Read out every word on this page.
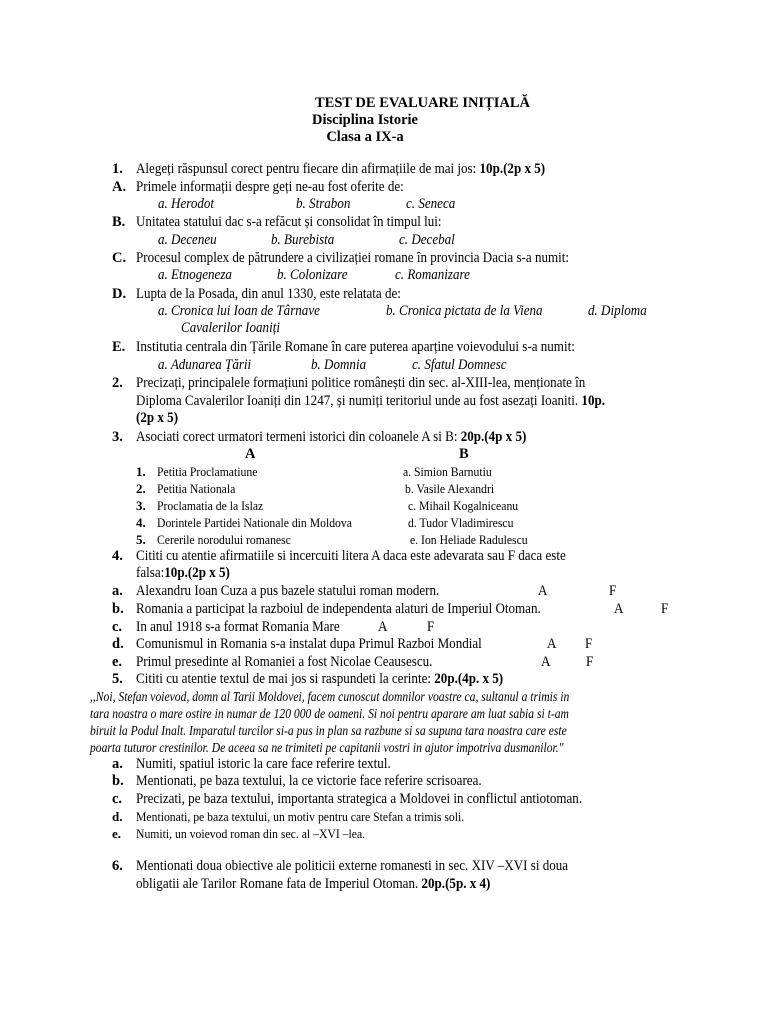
TEST DE EVALUARE INIȚIALĂ
Disciplina Istorie
Clasa a IX-a
1. Alegeți răspunsul corect pentru fiecare din afirmațiile de mai jos: 10p.(2p x 5)
A. Primele informații despre geți ne-au fost oferite de:
a. Herodot	b. Strabon	c. Seneca
B. Unitatea statului dac s-a refăcut și consolidat în timpul lui:
a. Deceneu	b. Burebista	c. Decebal
C. Procesul complex de pătrundere a civilizației romane în provincia Dacia s-a numit:
a. Etnogeneza	b. Colonizare	c. Romanizare
D. Lupta de la Posada, din anul 1330, este relatata de:
a. Cronica lui Ioan de Târnave	b. Cronica pictata de la Viena	d. Diploma
Cavalerilor Ioaniți
E. Institutia centrala din Țările Romane în care puterea aparține voievodului s-a numit:
a. Adunarea Țării	b. Domnia	c. Sfatul Domnesc
2. Precizați, principalele formațiuni politice românești din sec. al-XIII-lea, menționate în
Diploma Cavalerilor Ioaniți din 1247, și numiți teritoriul unde au fost asezați Ioaniti. 10p.
(2p x 5)
3. Asociati corect urmatori termeni istorici din coloanele A si B: 20p.(4p x 5)
A	B
1. Petitia Proclamatiune	a. Simion Barnutiu
2. Petitia Nationala	b. Vasile Alexandri
3. Proclamatia de la Islaz	c. Mihail Kogalniceanu
4. Dorintele Partidei Nationale din Moldova	d. Tudor Vladimirescu
5. Cererile norodului romanesc	e. Ion Heliade Radulescu
4. Cititi cu atentie afirmatiile si incercuiti litera A daca este adevarata sau F daca este
falsa:10p.(2p x 5)
a. Alexandru Ioan Cuza a pus bazele statului roman modern.	A	F
b. Romania a participat la razboiul de independenta alaturi de Imperiul Otoman.	A	F
c. In anul 1918 s-a format Romania Mare	A	F
d. Comunismul in Romania s-a instalat dupa Primul Razboi Mondial	A F
e. Primul presedinte al Romaniei a fost Nicolae Ceausescu.	A F
5. Cititi cu atentie textul de mai jos si raspundeti la cerinte: 20p.(4p. x 5)
,,Noi, Stefan voievod, domn al Tarii Moldovei, facem cunoscut domnilor voastre ca, sultanul a trimis in
tara noastra o mare ostire in numar de 120 000 de oameni. Si noi pentru aparare am luat sabia si t-am
biruit la Podul Inalt. Imparatul turcilor si-a pus in plan sa razbune si sa supuna tara noastra care este
poarta tuturor crestinilor. De aceea sa ne trimiteti pe capitanii vostri in ajutor impotriva dusmanilor."
a. Numiti, spatiul istoric la care face referire textul.
b. Mentionati, pe baza textului, la ce victorie face referire scrisoarea.
c. Precizati, pe baza textului, importanta strategica a Moldovei in conflictul antiotoman.
d. Mentionati, pe baza textului, un motiv pentru care Stefan a trimis soli.
e. Numiti, un voievod roman din sec. al –XVI –lea.
6. Mentionati doua obiective ale politicii externe romanesti in sec. XIV –XVI si doua
obligatii ale Tarilor Romane fata de Imperiul Otoman. 20p.(5p. x 4)
